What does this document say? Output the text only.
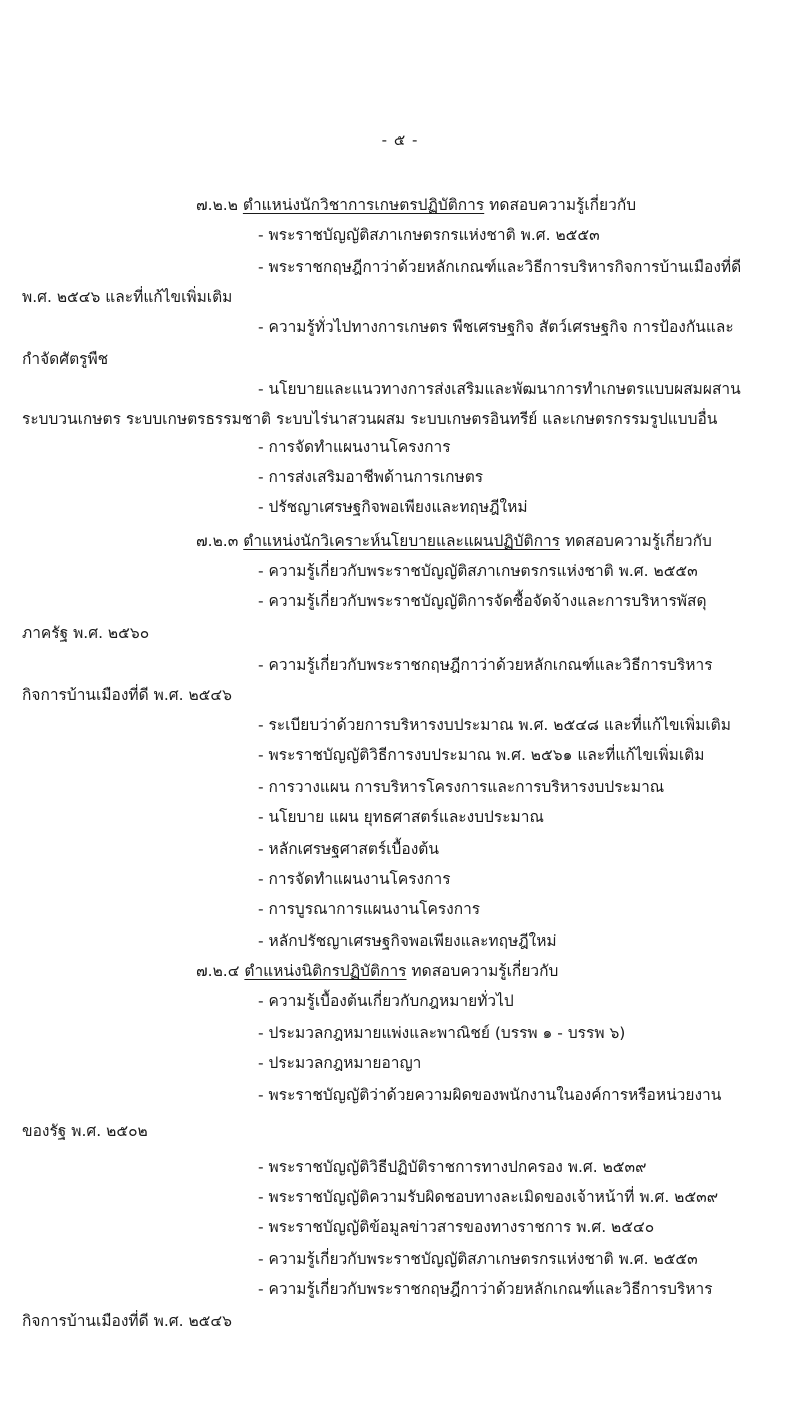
- ๕ -
๗.๒.๒ ตำแหน่งนักวิชาการเกษตรปฏิบัติการ ทดสอบความรู้เกี่ยวกับ
- พระราชบัญญัติสภาเกษตรกรแห่งชาติ พ.ศ. ๒๕๕๓
- พระราชกฤษฎีกาว่าด้วยหลักเกณฑ์และวิธีการบริหารกิจการบ้านเมืองที่ดี
พ.ศ. ๒๕๔๖ และที่แก้ไขเพิ่มเติม
- ความรู้ทั่วไปทางการเกษตร พืชเศรษฐกิจ สัตว์เศรษฐกิจ การป้องกันและ
กำจัดศัตรูพืช
- นโยบายและแนวทางการส่งเสริมและพัฒนาการทำเกษตรแบบผสมผสาน
ระบบวนเกษตร ระบบเกษตรธรรมชาติ ระบบไร่นาสวนผสม ระบบเกษตรอินทรีย์ และเกษตรกรรมรูปแบบอื่น
- การจัดทำแผนงานโครงการ
- การส่งเสริมอาชีพด้านการเกษตร
- ปรัชญาเศรษฐกิจพอเพียงและทฤษฎีใหม่
๗.๒.๓ ตำแหน่งนักวิเคราะห์นโยบายและแผนปฏิบัติการ ทดสอบความรู้เกี่ยวกับ
- ความรู้เกี่ยวกับพระราชบัญญัติสภาเกษตรกรแห่งชาติ พ.ศ. ๒๕๕๓
- ความรู้เกี่ยวกับพระราชบัญญัติการจัดซื้อจัดจ้างและการบริหารพัสดุ
ภาครัฐ พ.ศ. ๒๕๖๐
- ความรู้เกี่ยวกับพระราชกฤษฎีกาว่าด้วยหลักเกณฑ์และวิธีการบริหาร
กิจการบ้านเมืองที่ดี พ.ศ. ๒๕๔๖
- ระเบียบว่าด้วยการบริหารงบประมาณ พ.ศ. ๒๕๔๘ และที่แก้ไขเพิ่มเติม
- พระราชบัญญัติวิธีการงบประมาณ พ.ศ. ๒๕๖๑ และที่แก้ไขเพิ่มเติม
- การวางแผน การบริหารโครงการและการบริหารงบประมาณ
- นโยบาย แผน ยุทธศาสตร์และงบประมาณ
- หลักเศรษฐศาสตร์เบื้องต้น
- การจัดทำแผนงานโครงการ
- การบูรณาการแผนงานโครงการ
- หลักปรัชญาเศรษฐกิจพอเพียงและทฤษฎีใหม่
๗.๒.๔ ตำแหน่งนิติกรปฏิบัติการ ทดสอบความรู้เกี่ยวกับ
- ความรู้เบื้องต้นเกี่ยวกับกฎหมายทั่วไป
- ประมวลกฎหมายแพ่งและพาณิชย์ (บรรพ ๑ - บรรพ ๖)
- ประมวลกฎหมายอาญา
- พระราชบัญญัติว่าด้วยความผิดของพนักงานในองค์การหรือหน่วยงาน
ของรัฐ พ.ศ. ๒๕๐๒
- พระราชบัญญัติวิธีปฏิบัติราชการทางปกครอง พ.ศ. ๒๕๓๙
- พระราชบัญญัติความรับผิดชอบทางละเมิดของเจ้าหน้าที่ พ.ศ. ๒๕๓๙
- พระราชบัญญัติข้อมูลข่าวสารของทางราชการ พ.ศ. ๒๕๔๐
- ความรู้เกี่ยวกับพระราชบัญญัติสภาเกษตรกรแห่งชาติ พ.ศ. ๒๕๕๓
- ความรู้เกี่ยวกับพระราชกฤษฎีกาว่าด้วยหลักเกณฑ์และวิธีการบริหาร
กิจการบ้านเมืองที่ดี พ.ศ. ๒๕๔๖
